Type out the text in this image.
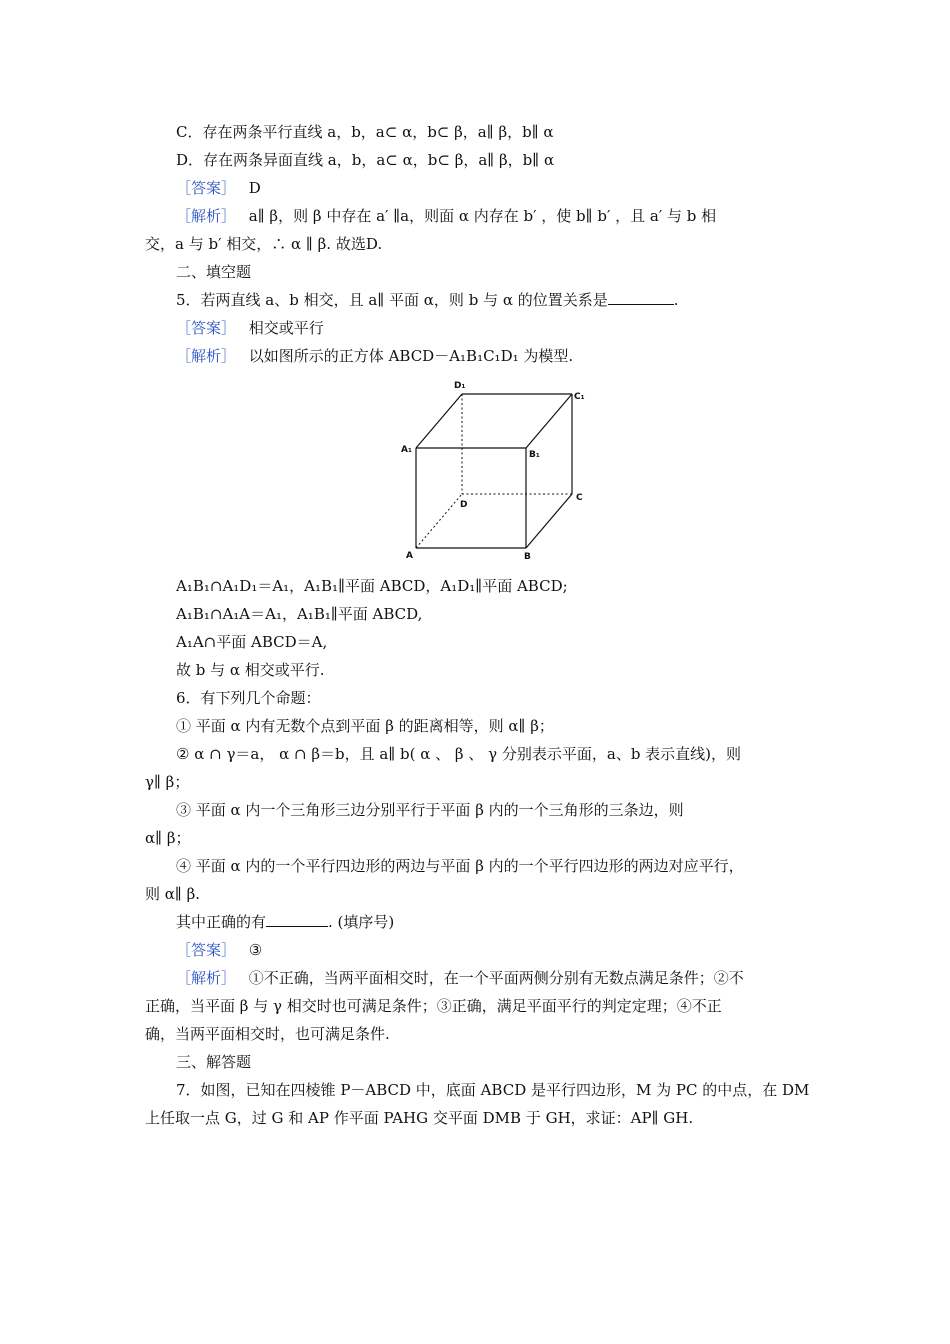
C．存在两条平行直线 a，b，a⊂ α，b⊂ β，a∥ β，b∥ α
D．存在两条异面直线 a，b，a⊂ α，b⊂ β，a∥ β，b∥ α
［答案］ D
［解析］ a∥ β，则 β 中存在 a′ ∥a，则面 α 内存在 b′ ，使 b∥ b′ ，且 a′ 与 b 相
交，a 与 b′ 相交，∴ α ∥ β. 故选D.
二、填空题
5．若两直线 a、b 相交，且 a∥ 平面 α，则 b 与 α 的位置关系是	.
［答案］ 相交或平行
［解析］ 以如图所示的正方体 ABCD－A₁B₁C₁D₁ 为模型.
D₁
C₁
A₁	B₁
D
C
A	B
A₁B₁∩A₁D₁＝A₁，A₁B₁∥平面 ABCD，A₁D₁∥平面 ABCD;
A₁B₁∩A₁A＝A₁，A₁B₁∥平面 ABCD,
A₁A∩平面 ABCD＝A,
故 b 与 α 相交或平行.
6．有下列几个命题：
① 平面 α 内有无数个点到平面 β 的距离相等，则 α∥ β；
② α ∩ γ＝a， α ∩ β＝b，且 a∥ b( α 、 β 、 γ 分别表示平面，a、b 表示直线)，则
γ∥ β；
③ 平面 α 内一个三角形三边分别平行于平面 β 内的一个三角形的三条边，则
α∥ β；
④ 平面 α 内的一个平行四边形的两边与平面 β 内的一个平行四边形的两边对应平行，
则 α∥ β.
其中正确的有	. (填序号)
［答案］ ③
［解析］ ①不正确，当两平面相交时，在一个平面两侧分别有无数点满足条件；②不
正确，当平面 β 与 γ 相交时也可满足条件；③正确，满足平面平行的判定定理；④不正
确，当两平面相交时，也可满足条件.
三、解答题
7．如图，已知在四棱锥 P－ABCD 中，底面 ABCD 是平行四边形，M 为 PC 的中点，在 DM
上任取一点 G，过 G 和 AP 作平面 PAHG 交平面 DMB 于 GH，求证：AP∥ GH.
